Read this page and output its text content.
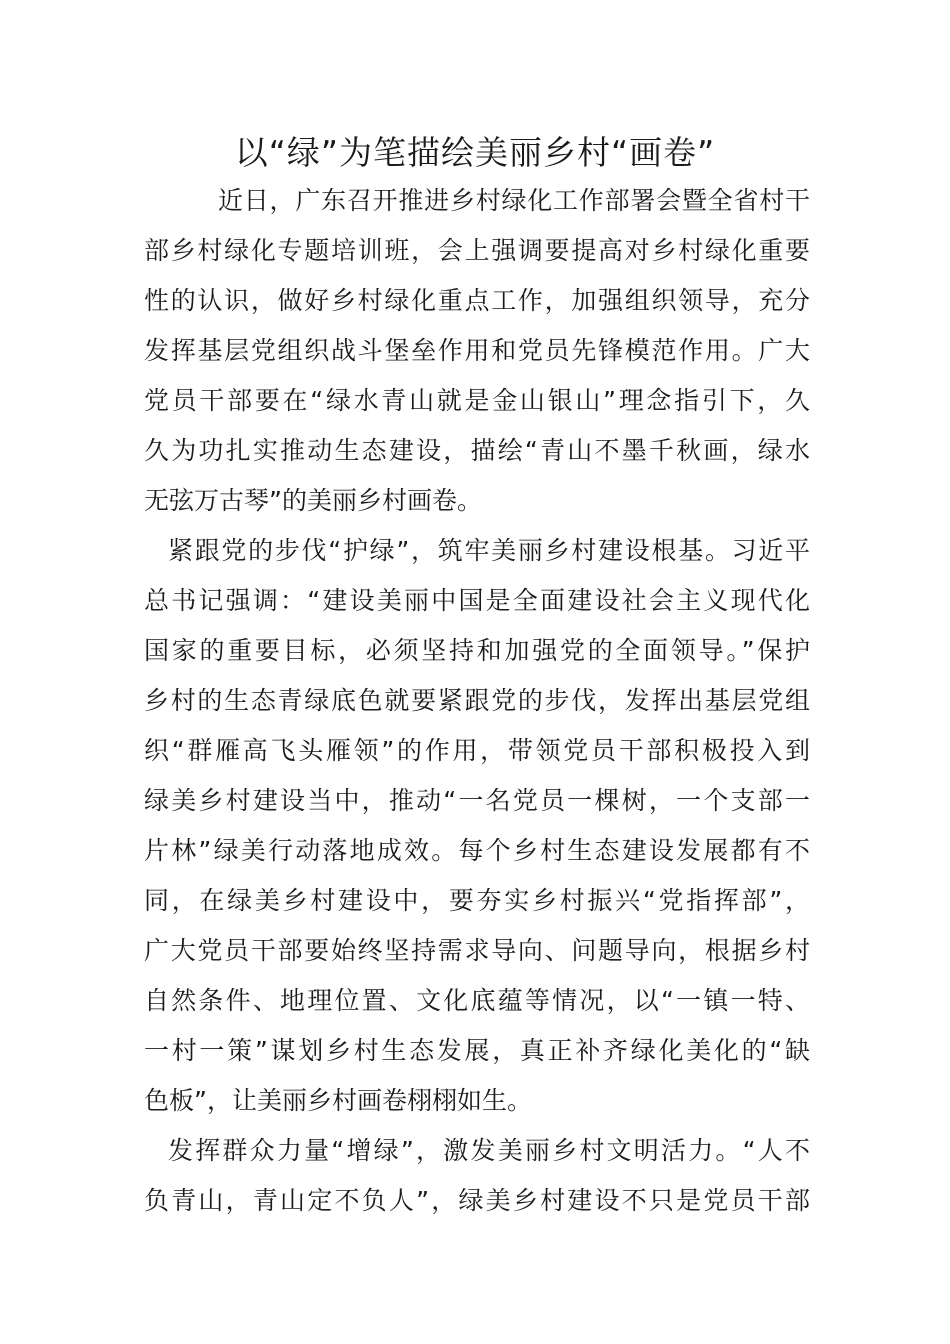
以“绿”为笔描绘美丽乡村“画卷”
近日，广东召开推进乡村绿化工作部署会暨全省村干
部乡村绿化专题培训班，会上强调要提高对乡村绿化重要
性的认识，做好乡村绿化重点工作，加强组织领导，充分
发挥基层党组织战斗堡垒作用和党员先锋模范作用。广大
党员干部要在“绿水青山就是金山银山”理念指引下，久
久为功扎实推动生态建设，描绘“青山不墨千秋画，绿水
无弦万古琴”的美丽乡村画卷。
紧跟党的步伐“护绿”，筑牢美丽乡村建设根基。习近平
总书记强调：“建设美丽中国是全面建设社会主义现代化
国家的重要目标，必须坚持和加强党的全面领导。”保护
乡村的生态青绿底色就要紧跟党的步伐，发挥出基层党组
织“群雁高飞头雁领”的作用，带领党员干部积极投入到
绿美乡村建设当中，推动“一名党员一棵树，一个支部一
片林”绿美行动落地成效。每个乡村生态建设发展都有不
同，在绿美乡村建设中，要夯实乡村振兴“党指挥部”，
广大党员干部要始终坚持需求导向、问题导向，根据乡村
自然条件、地理位置、文化底蕴等情况，以“一镇一特、
一村一策”谋划乡村生态发展，真正补齐绿化美化的“缺
色板”，让美丽乡村画卷栩栩如生。
发挥群众力量“增绿”，激发美丽乡村文明活力。“人不
负青山，青山定不负人”，绿美乡村建设不只是党员干部
